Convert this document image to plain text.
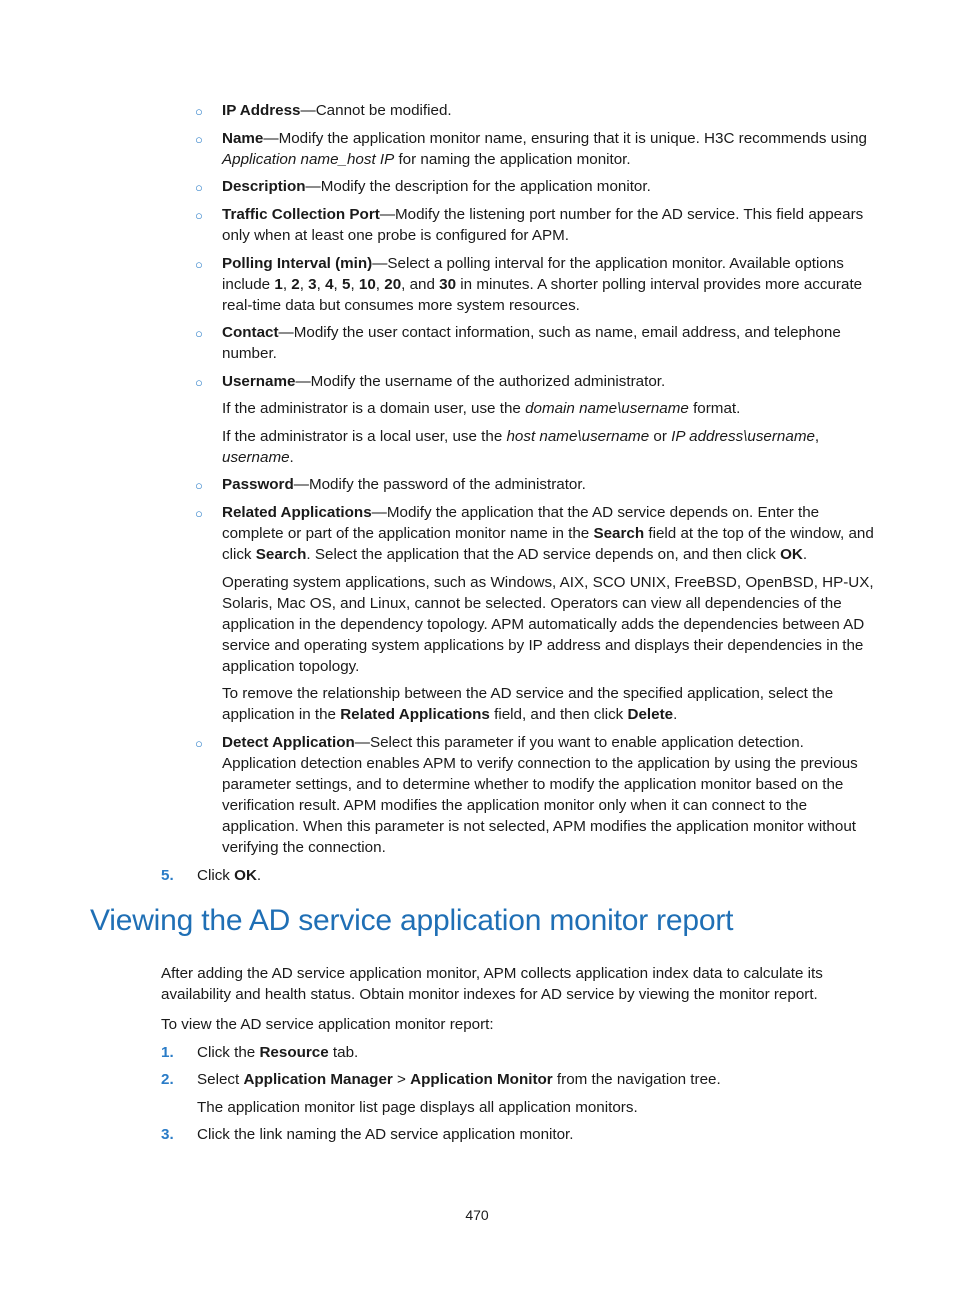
○ IP Address—Cannot be modified.
○ Name—Modify the application monitor name, ensuring that it is unique. H3C recommends using Application name_host IP for naming the application monitor.
○ Description—Modify the description for the application monitor.
○ Traffic Collection Port—Modify the listening port number for the AD service. This field appears only when at least one probe is configured for APM.
○ Polling Interval (min)—Select a polling interval for the application monitor. Available options include 1, 2, 3, 4, 5, 10, 20, and 30 in minutes. A shorter polling interval provides more accurate real-time data but consumes more system resources.
○ Contact—Modify the user contact information, such as name, email address, and telephone number.
○ Username—Modify the username of the authorized administrator.
If the administrator is a domain user, use the domain name\username format.
If the administrator is a local user, use the host name\username or IP address\username, username.
○ Password—Modify the password of the administrator.
○ Related Applications—Modify the application that the AD service depends on. Enter the complete or part of the application monitor name in the Search field at the top of the window, and click Search. Select the application that the AD service depends on, and then click OK.
Operating system applications, such as Windows, AIX, SCO UNIX, FreeBSD, OpenBSD, HP-UX, Solaris, Mac OS, and Linux, cannot be selected. Operators can view all dependencies of the application in the dependency topology. APM automatically adds the dependencies between AD service and operating system applications by IP address and displays their dependencies in the application topology.
To remove the relationship between the AD service and the specified application, select the application in the Related Applications field, and then click Delete.
○ Detect Application—Select this parameter if you want to enable application detection. Application detection enables APM to verify connection to the application by using the previous parameter settings, and to determine whether to modify the application monitor based on the verification result. APM modifies the application monitor only when it can connect to the application. When this parameter is not selected, APM modifies the application monitor without verifying the connection.
5. Click OK.
Viewing the AD service application monitor report
After adding the AD service application monitor, APM collects application index data to calculate its availability and health status. Obtain monitor indexes for AD service by viewing the monitor report.
To view the AD service application monitor report:
1. Click the Resource tab.
2. Select Application Manager > Application Monitor from the navigation tree.
The application monitor list page displays all application monitors.
3. Click the link naming the AD service application monitor.
470
